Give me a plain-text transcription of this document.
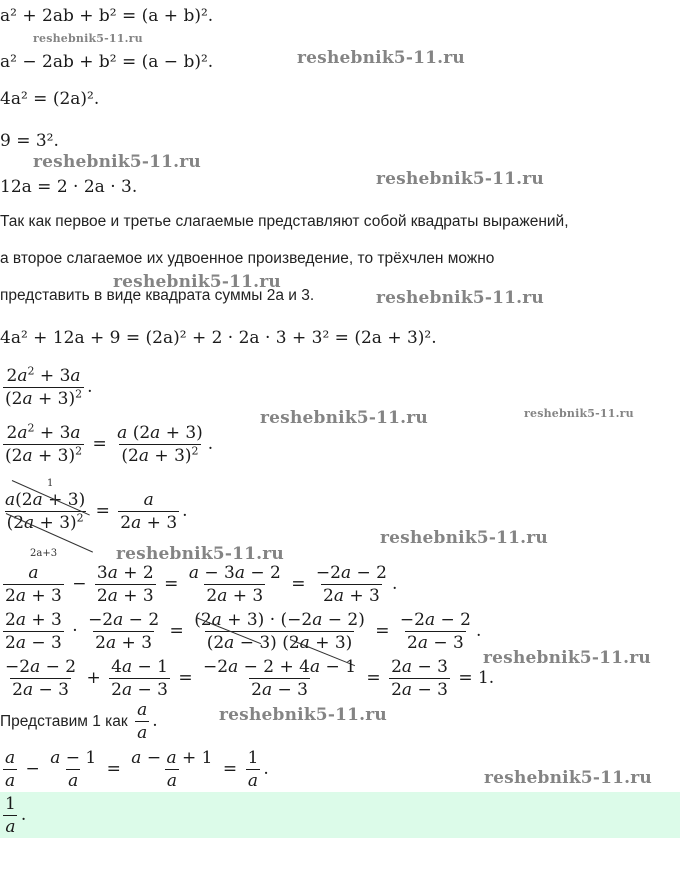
reshebnik5-11.ru
reshebnik5-11.ru
reshebnik5-11.ru
reshebnik5-11.ru
reshebnik5-11.ru
reshebnik5-11.ru
reshebnik5-11.ru	reshebnik5-11.ru
reshebnik5-11.ru
reshebnik5-11.ru
reshebnik5-11.ru
reshebnik5-11.ru
reshebnik5-11.ru
a² + 2ab + b² = (a + b)².
a² − 2ab + b² = (a − b)².
4a² = (2a)².
9 = 3².
12a = 2 · 2a · 3.
Так как первое и третье слагаемые представляют собой квадраты выражений,
а второе слагаемое их удвоенное произведение, то трёхчлен можно
представить в виде квадрата суммы 2a и 3.
4a² + 12a + 9 = (2a)² + 2 · 2a · 3 + 3² = (2a + 3)².
$\frac{2a^2 + 3a}{(2a + 3)^2}$ .
$\frac{2a^2 + 3a}{(2a + 3)^2} = \frac{a (2a + 3)}{(2a + 3)^2}$ .
$\frac{a(2a + 3)}{(2a + 3)^2} = \frac{a}{2a + 3}$ .
1
2a+3
$\frac{a}{2a + 3} - \frac{3a + 2}{2a + 3} = \frac{a - 3a - 2}{2a + 3} = \frac{-2a - 2}{2a + 3}$ .
$\frac{2a + 3}{2a - 3} \cdot \frac{-2a - 2}{2a + 3} = \frac{(2a + 3) \cdot (-2a - 2)}{(2a - 3) (2a + 3)} = \frac{-2a - 2}{2a - 3}$ .
$\frac{-2a - 2}{2a - 3} + \frac{4a - 1}{2a - 3} = \frac{-2a - 2 + 4a - 1}{2a - 3} = \frac{2a - 3}{2a - 3} = 1$.
Представим 1 как $\frac{a}{a}$ .
$\frac{a}{a} - \frac{a - 1}{a} = \frac{a - a + 1}{a} = \frac{1}{a}$ .
$\frac{1}{a}$ .
